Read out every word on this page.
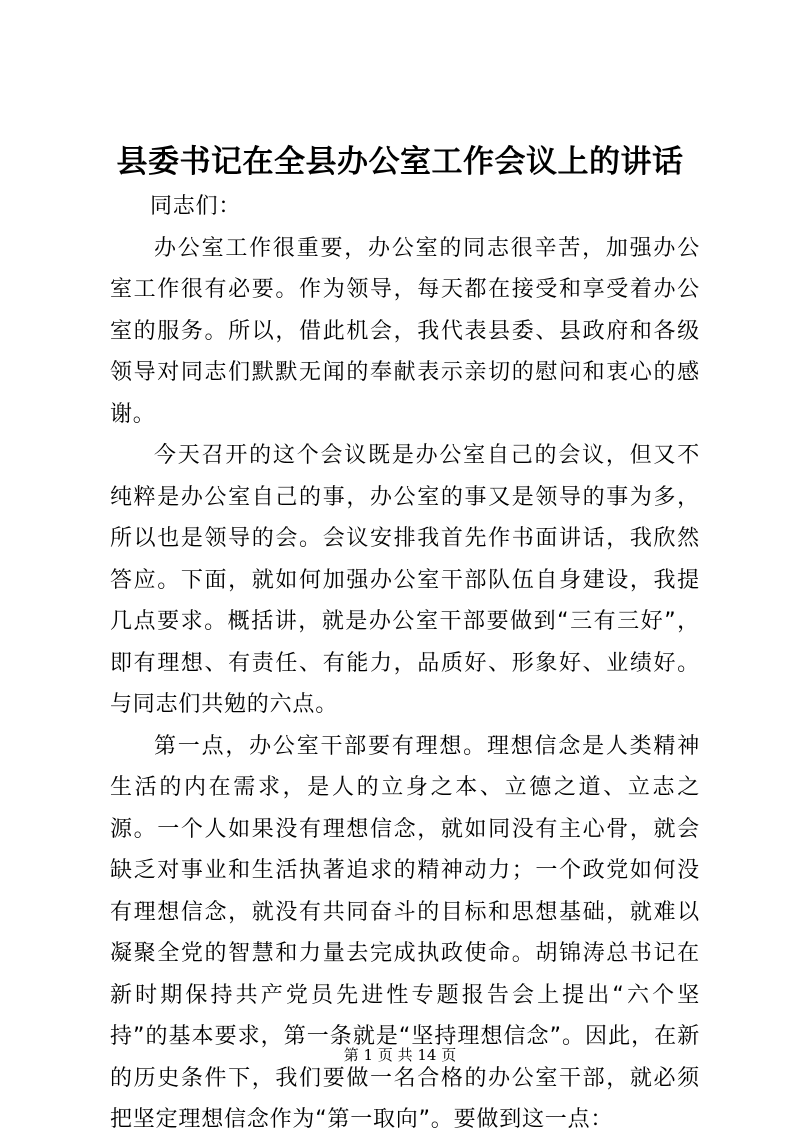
县委书记在全县办公室工作会议上的讲话

同志们：

办公室工作很重要，办公室的同志很辛苦，加强办公室工作很有必要。作为领导，每天都在接受和享受着办公室的服务。所以，借此机会，我代表县委、县政府和各级领导对同志们默默无闻的奉献表示亲切的慰问和衷心的感谢。

今天召开的这个会议既是办公室自己的会议，但又不纯粹是办公室自己的事，办公室的事又是领导的事为多，所以也是领导的会。会议安排我首先作书面讲话，我欣然答应。下面，就如何加强办公室干部队伍自身建设，我提几点要求。概括讲，就是办公室干部要做到“三有三好”，即有理想、有责任、有能力，品质好、形象好、业绩好。与同志们共勉的六点。

第一点，办公室干部要有理想。理想信念是人类精神生活的内在需求，是人的立身之本、立德之道、立志之源。一个人如果没有理想信念，就如同没有主心骨，就会缺乏对事业和生活执著追求的精神动力；一个政党如何没有理想信念，就没有共同奋斗的目标和思想基础，就难以凝聚全党的智慧和力量去完成执政使命。胡锦涛总书记在新时期保持共产党员先进性专题报告会上提出“六个坚持”的基本要求，第一条就是“坚持理想信念”。因此，在新的历史条件下，我们要做一名合格的办公室干部，就必须把坚定理想信念作为“第一取向”。要做到这一点：

第 1 页 共 14 页
